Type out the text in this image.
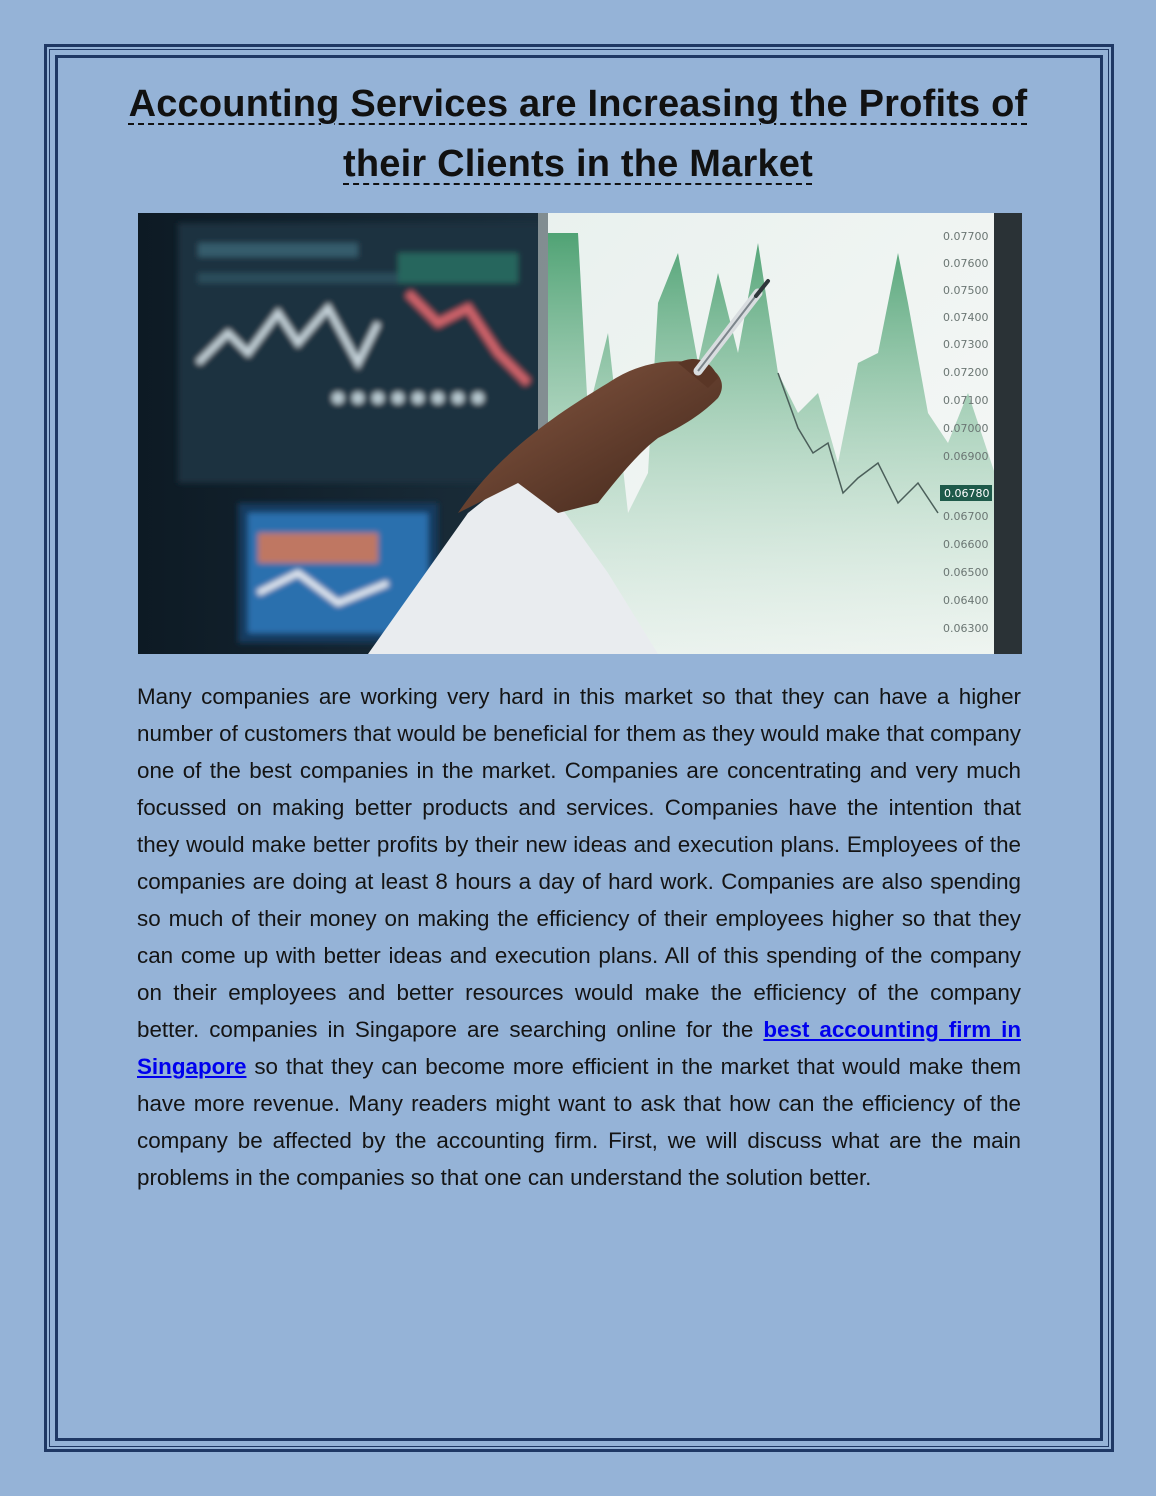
Accounting Services are Increasing the Profits of their Clients in the Market
0.07700
0.07600
0.07500
0.07400
0.07300
0.07200
0.07100
0.07000
0.06900
0.06780
0.06700
0.06600
0.06500
0.06400
0.06300

Many companies are working very hard in this market so that they can have a higher number of customers that would be beneficial for them as they would make that company one of the best companies in the market. Companies are concentrating and very much focussed on making better products and services. Companies have the intention that they would make better profits by their new ideas and execution plans. Employees of the companies are doing at least 8 hours a day of hard work. Companies are also spending so much of their money on making the efficiency of their employees higher so that they can come up with better ideas and execution plans. All of this spending of the company on their employees and better resources would make the efficiency of the company better. companies in Singapore are searching online for the best accounting firm in Singapore so that they can become more efficient in the market that would make them have more revenue. Many readers might want to ask that how can the efficiency of the company be affected by the accounting firm. First, we will discuss what are the main problems in the companies so that one can understand the solution better.
